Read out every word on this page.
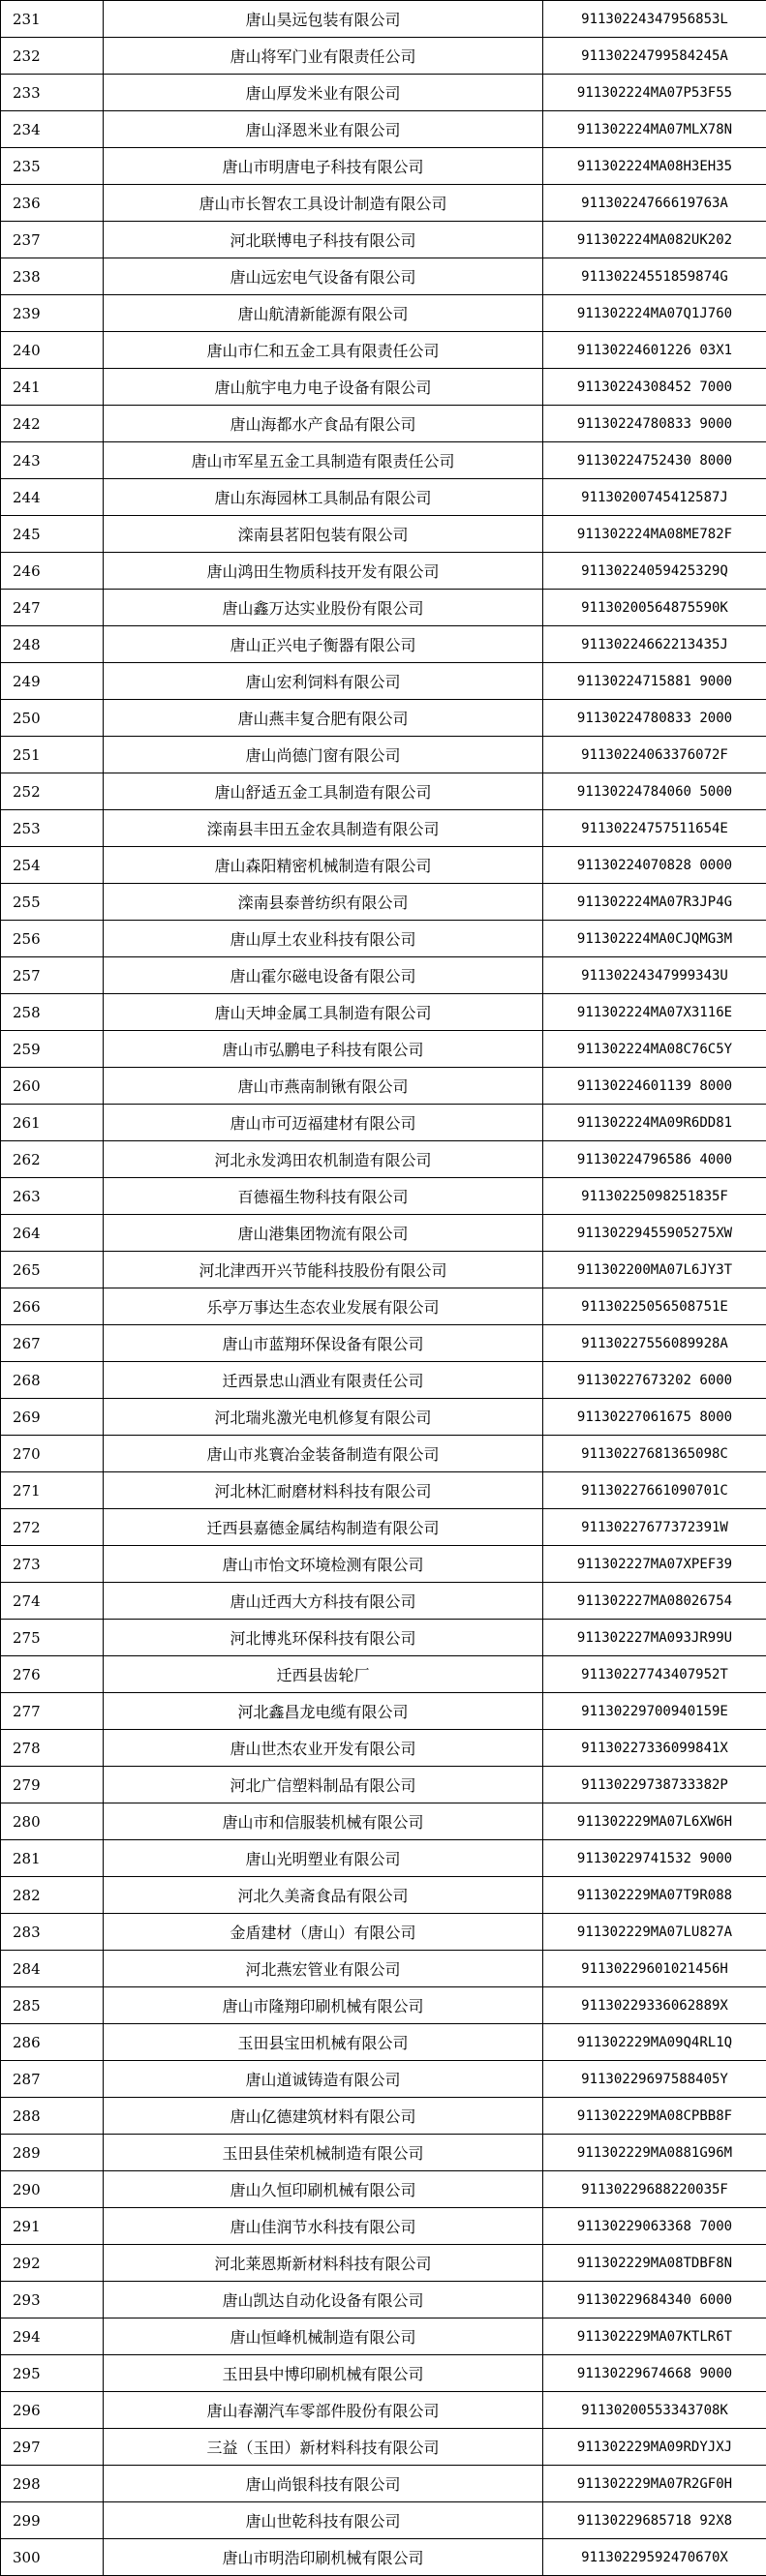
231	唐山昊远包装有限公司	91130224347956853L
232	唐山将军门业有限责任公司	91130224799584245A
233	唐山厚发米业有限公司	911302224MA07P53F55
234	唐山泽恩米业有限公司	911302224MA07MLX78N
235	唐山市明唐电子科技有限公司	911302224MA08H3EH35
236	唐山市长智农工具设计制造有限公司	91130224766619763A
237	河北联博电子科技有限公司	911302224MA082UK202
238	唐山远宏电气设备有限公司	91130224551859874G
239	唐山航清新能源有限公司	911302224MA07Q1J760
240	唐山市仁和五金工具有限责任公司	91130224601226 03X1
241	唐山航宇电力电子设备有限公司	91130224308452 7000
242	唐山海都水产食品有限公司	91130224780833 9000
243	唐山市军星五金工具制造有限责任公司	91130224752430 8000
244	唐山东海园林工具制品有限公司	91130200745412587J
245	滦南县茗阳包装有限公司	911302224MA08ME782F
246	唐山鸿田生物质科技开发有限公司	91130224059425329Q
247	唐山鑫万达实业股份有限公司	91130200564875590K
248	唐山正兴电子衡器有限公司	91130224662213435J
249	唐山宏利饲料有限公司	91130224715881 9000
250	唐山燕丰复合肥有限公司	91130224780833 2000
251	唐山尚德门窗有限公司	91130224063376072F
252	唐山舒适五金工具制造有限公司	91130224784060 5000
253	滦南县丰田五金农具制造有限公司	91130224757511654E
254	唐山森阳精密机械制造有限公司	91130224070828 0000
255	滦南县泰普纺织有限公司	911302224MA07R3JP4G
256	唐山厚土农业科技有限公司	911302224MA0CJQMG3M
257	唐山霍尔磁电设备有限公司	91130224347999343U
258	唐山天坤金属工具制造有限公司	911302224MA07X3116E
259	唐山市弘鹏电子科技有限公司	911302224MA08C76C5Y
260	唐山市燕南制锹有限公司	91130224601139 8000
261	唐山市可迈福建材有限公司	911302224MA09R6DD81
262	河北永发鸿田农机制造有限公司	91130224796586 4000
263	百德福生物科技有限公司	91130225098251835F
264	唐山港集团物流有限公司	91130229455905275XW
265	河北津西开兴节能科技股份有限公司	911302200MA07L6JY3T
266	乐亭万事达生态农业发展有限公司	91130225056508751E
267	唐山市蓝翔环保设备有限公司	91130227556089928A
268	迁西景忠山酒业有限责任公司	91130227673202 6000
269	河北瑞兆激光电机修复有限公司	91130227061675 8000
270	唐山市兆寰冶金装备制造有限公司	91130227681365098C
271	河北林汇耐磨材料科技有限公司	91130227661090701C
272	迁西县嘉德金属结构制造有限公司	91130227677372391W
273	唐山市怡文环境检测有限公司	911302227MA07XPEF39
274	唐山迁西大方科技有限公司	911302227MA08026754
275	河北博兆环保科技有限公司	911302227MA093JR99U
276	迁西县齿轮厂	91130227743407952T
277	河北鑫昌龙电缆有限公司	91130229700940159E
278	唐山世杰农业开发有限公司	91130227336099841X
279	河北广信塑料制品有限公司	91130229738733382P
280	唐山市和信服装机械有限公司	911302229MA07L6XW6H
281	唐山光明塑业有限公司	91130229741532 9000
282	河北久美斋食品有限公司	911302229MA07T9R088
283	金盾建材（唐山）有限公司	911302229MA07LU827A
284	河北燕宏管业有限公司	91130229601021456H
285	唐山市隆翔印刷机械有限公司	91130229336062889X
286	玉田县宝田机械有限公司	911302229MA09Q4RL1Q
287	唐山道诚铸造有限公司	91130229697588405Y
288	唐山亿德建筑材料有限公司	911302229MA08CPBB8F
289	玉田县佳荣机械制造有限公司	911302229MA0881G96M
290	唐山久恒印刷机械有限公司	91130229688220035F
291	唐山佳润节水科技有限公司	91130229063368 7000
292	河北莱恩斯新材料科技有限公司	911302229MA08TDBF8N
293	唐山凯达自动化设备有限公司	91130229684340 6000
294	唐山恒峰机械制造有限公司	911302229MA07KTLR6T
295	玉田县中博印刷机械有限公司	91130229674668 9000
296	唐山春潮汽车零部件股份有限公司	91130200553343708K
297	三益（玉田）新材料科技有限公司	911302229MA09RDYJXJ
298	唐山尚银科技有限公司	911302229MA07R2GF0H
299	唐山世乾科技有限公司	91130229685718 92X8
300	唐山市明浩印刷机械有限公司	91130229592470670X
